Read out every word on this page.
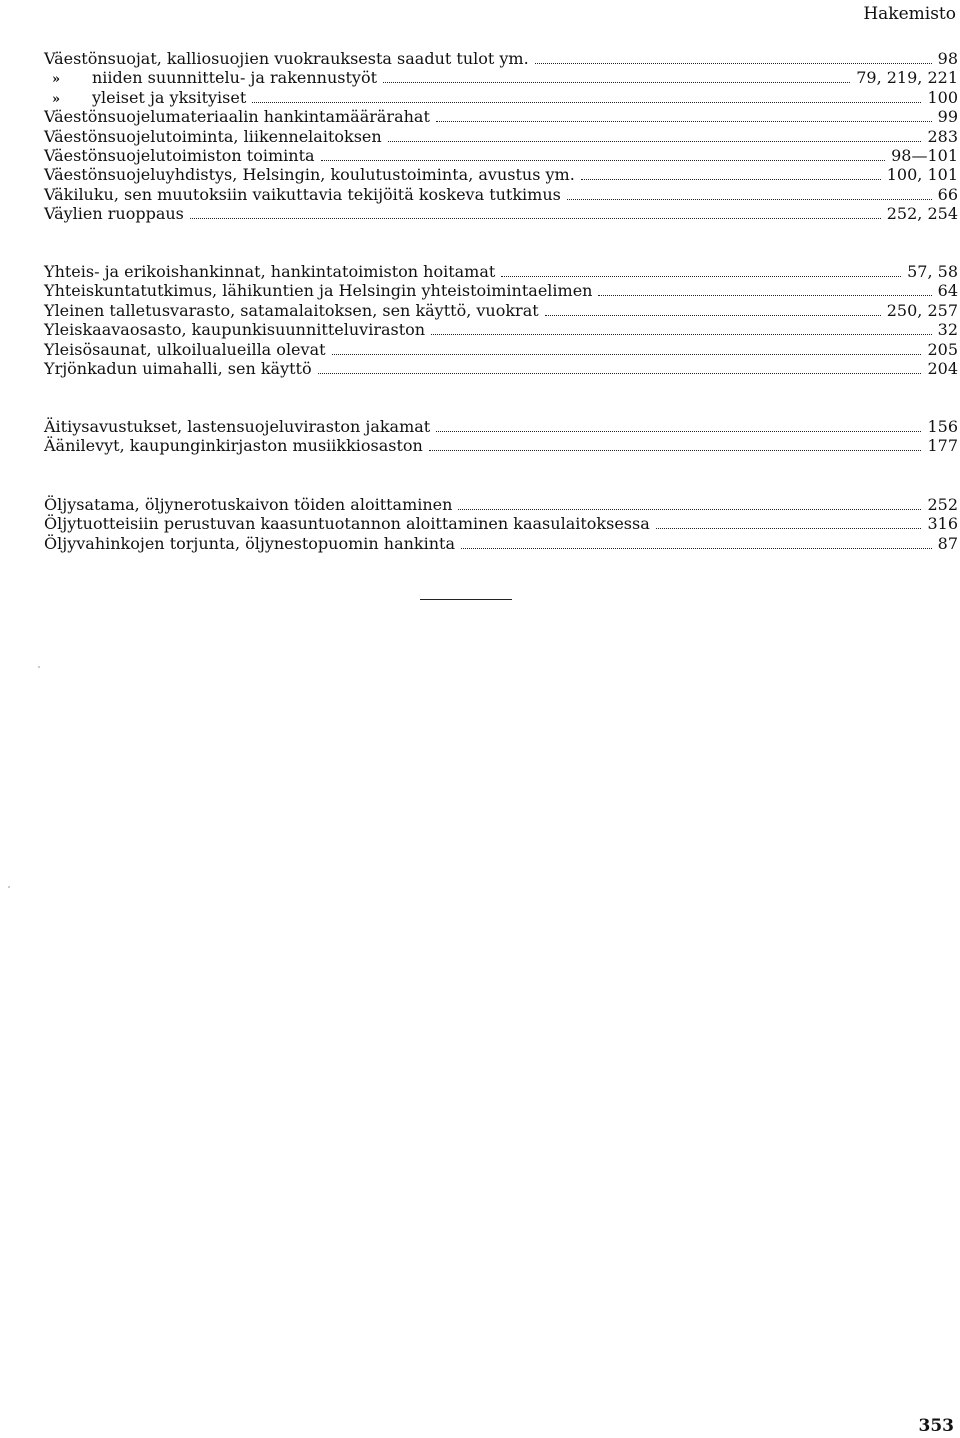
Hakemisto
Väestönsuojat, kalliosuojien vuokrauksesta saadut tulot ym.	98
» niiden suunnittelu- ja rakennustyöt	79, 219, 221
» yleiset ja yksityiset	100
Väestönsuojelumateriaalin hankintamäärärahat	99
Väestönsuojelutoiminta, liikennelaitoksen	283
Väestönsuojelutoimiston toiminta	98—101
Väestönsuojeluyhdistys, Helsingin, koulutustoiminta, avustus ym.	100, 101
Väkiluku, sen muutoksiin vaikuttavia tekijöitä koskeva tutkimus	66
Väylien ruoppaus	252, 254
Yhteis- ja erikoishankinnat, hankintatoimiston hoitamat	57, 58
Yhteiskuntatutkimus, lähikuntien ja Helsingin yhteistoimintaelimen	64
Yleinen talletusvarasto, satamalaitoksen, sen käyttö, vuokrat	250, 257
Yleiskaavaosasto, kaupunkisuunnitteluviraston	32
Yleisösaunat, ulkoilualueilla olevat	205
Yrjönkadun uimahalli, sen käyttö	204
Äitiysavustukset, lastensuojeluviraston jakamat	156
Äänilevyt, kaupunginkirjaston musiikkiosaston	177
Öljysatama, öljynerotuskaivon töiden aloittaminen	252
Öljytuotteisiin perustuvan kaasuntuotannon aloittaminen kaasulaitoksessa	316
Öljyvahinkojen torjunta, öljynestopuomin hankinta	87
353
